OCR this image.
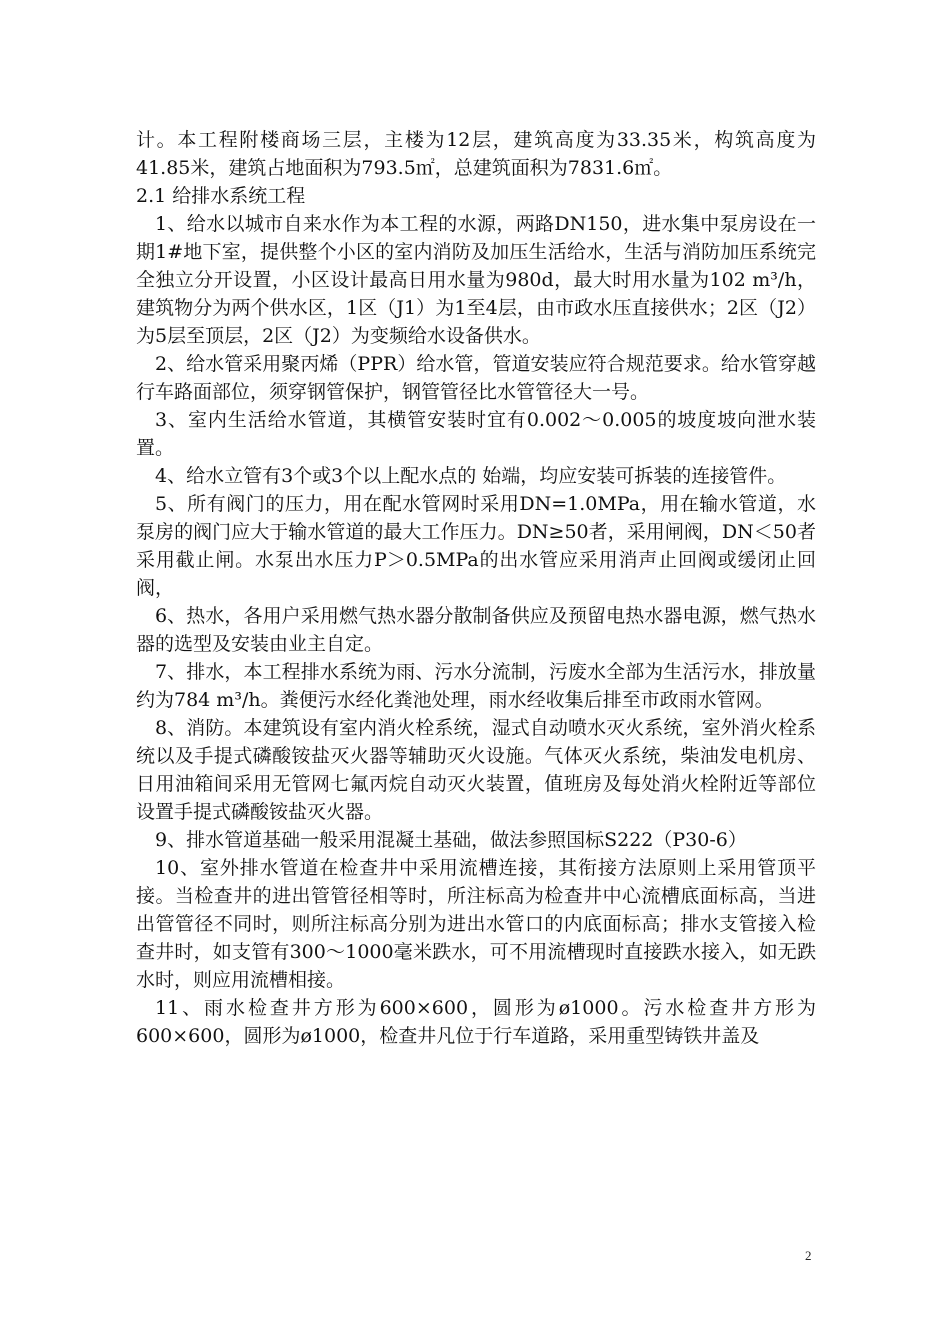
计。本工程附楼商场三层，主楼为12层，建筑高度为33.35米，构筑高度为41.85米，建筑占地面积为793.5㎡，总建筑面积为7831.6㎡。

2.1 给排水系统工程

1、给水以城市自来水作为本工程的水源，两路DN150，进水集中泵房设在一期1#地下室，提供整个小区的室内消防及加压生活给水，生活与消防加压系统完全独立分开设置，小区设计最高日用水量为980d，最大时用水量为102 m³/h，建筑物分为两个供水区，1区（J1）为1至4层，由市政水压直接供水；2区（J2）为5层至顶层，2区（J2）为变频给水设备供水。

2、给水管采用聚丙烯（PPR）给水管，管道安装应符合规范要求。给水管穿越行车路面部位，须穿钢管保护，钢管管径比水管管径大一号。

3、室内生活给水管道，其横管安装时宜有0.002～0.005的坡度坡向泄水装置。

4、给水立管有3个或3个以上配水点的 始端，均应安装可拆装的连接管件。

5、所有阀门的压力，用在配水管网时采用DN=1.0MPa，用在输水管道，水泵房的阀门应大于输水管道的最大工作压力。DN≥50者，采用闸阀，DN＜50者采用截止闸。水泵出水压力P＞0.5MPa的出水管应采用消声止回阀或缓闭止回阀，

6、热水，各用户采用燃气热水器分散制备供应及预留电热水器电源，燃气热水器的选型及安装由业主自定。

7、排水，本工程排水系统为雨、污水分流制，污废水全部为生活污水，排放量约为784 m³/h。粪便污水经化粪池处理，雨水经收集后排至市政雨水管网。

8、消防。本建筑设有室内消火栓系统，湿式自动喷水灭火系统，室外消火栓系统以及手提式磷酸铵盐灭火器等辅助灭火设施。气体灭火系统，柴油发电机房、日用油箱间采用无管网七氟丙烷自动灭火装置，值班房及每处消火栓附近等部位设置手提式磷酸铵盐灭火器。

9、排水管道基础一般采用混凝土基础，做法参照国标S222（P30-6）

10、室外排水管道在检查井中采用流槽连接，其衔接方法原则上采用管顶平接。当检查井的进出管管径相等时，所注标高为检查井中心流槽底面标高，当进出管管径不同时，则所注标高分别为进出水管口的内底面标高；排水支管接入检查井时，如支管有300～1000毫米跌水，可不用流槽现时直接跌水接入，如无跌水时，则应用流槽相接。

11、雨水检查井方形为600×600，圆形为ø1000。污水检查井方形为600×600，圆形为ø1000，检查井凡位于行车道路，采用重型铸铁井盖及

2
